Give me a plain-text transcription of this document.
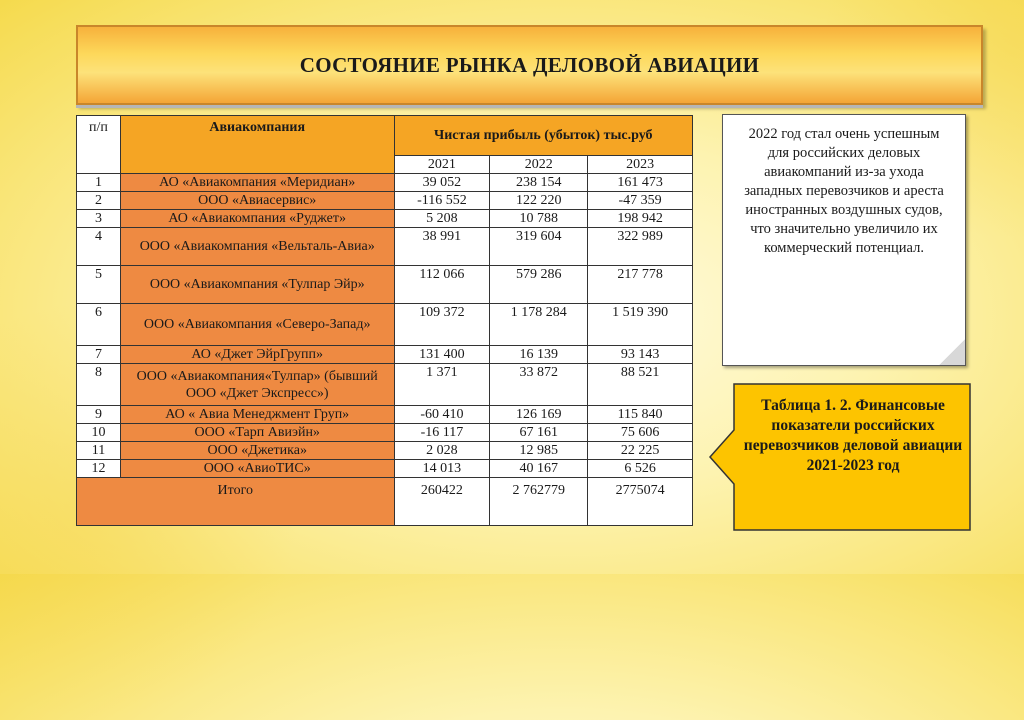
СОСТОЯНИЕ РЫНКА ДЕЛОВОЙ АВИАЦИИ
п/п	Авиакомпания	Чистая прибыль (убыток) тыс.руб		
		2021	2022	2023
1	АО «Авиакомпания «Меридиан»	39 052	238 154	161 473
2	ООО «Авиасервис»	-116 552	122 220	-47 359
3	АО «Авиакомпания «Руджет»	5 208	10 788	198 942
4	ООО «Авиакомпания «Вельталь-Авиа»	38 991	319 604	322 989
5	ООО «Авиакомпания «Тулпар Эйр»	112 066	579 286	217 778
6	ООО «Авиакомпания «Северо-Запад»	109 372	1 178 284	1 519 390
7	АО «Джет ЭйрГрупп»	131 400	16 139	93 143
8	ООО «Авиакомпания«Тулпар» (бывший ООО «Джет Экспресс»)	1 371	33 872	88 521
9	АО « Авиа Менеджмент Груп»	-60 410	126 169	115 840
10	ООО «Тарп Авиэйн»	-16 117	67 161	75 606
11	ООО «Джетика»	2 028	12 985	22 225
12	ООО «АвиоТИС»	14 013	40 167	6 526
Итого		260422	2 762779	2775074

2022 год стал очень успешным для российских деловых авиакомпаний из-за ухода западных перевозчиков и ареста иностранных воздушных судов, что значительно увеличило их коммерческий потенциал.

Таблица 1. 2. Финансовые показатели российских перевозчиков деловой авиации 2021-2023 год
